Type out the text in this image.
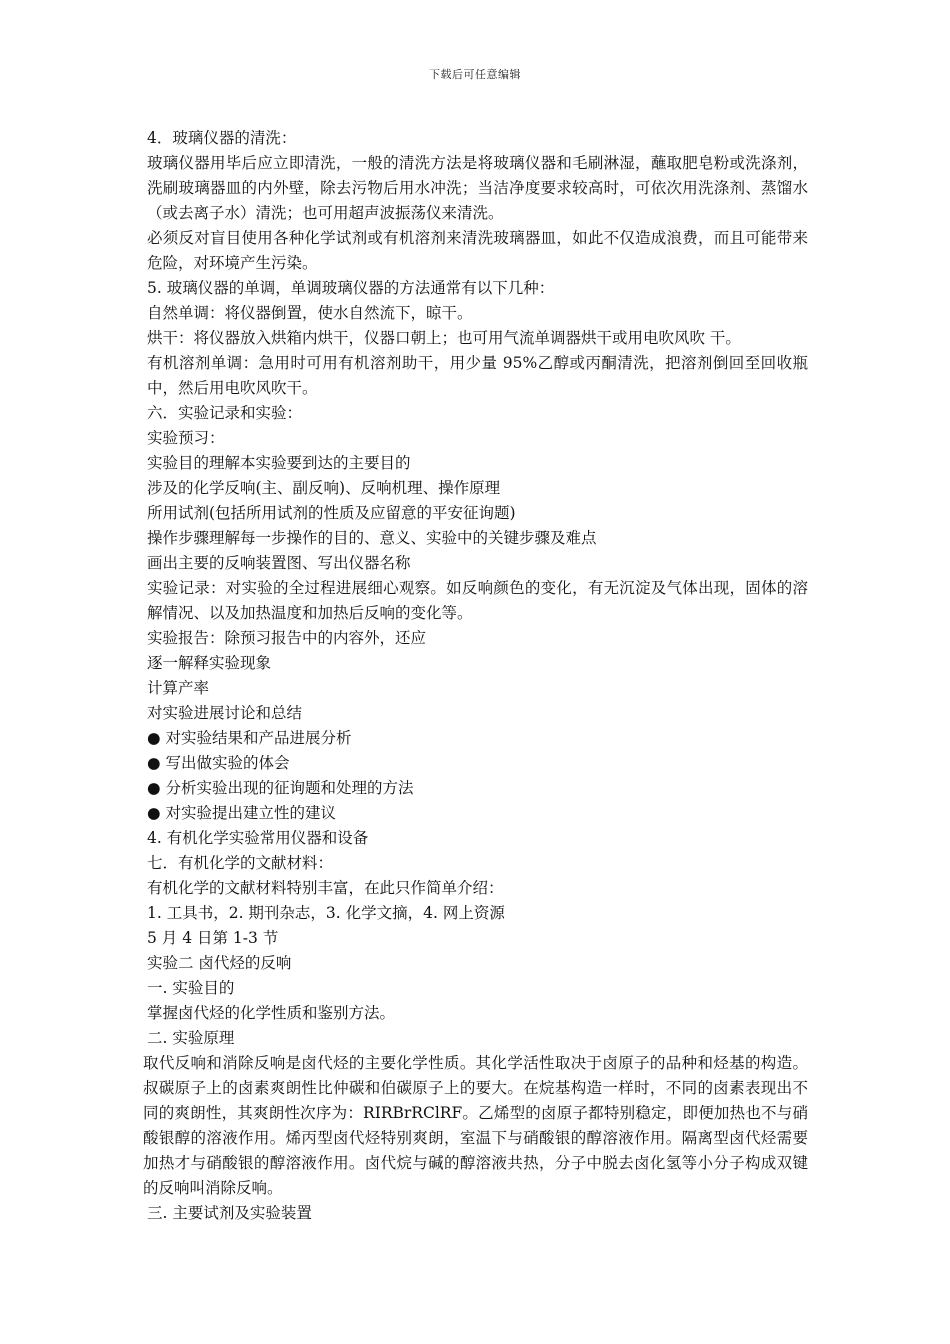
下载后可任意编辑

4．玻璃仪器的清洗：

玻璃仪器用毕后应立即清洗，一般的清洗方法是将玻璃仪器和毛刷淋湿，蘸取肥皂粉或洗涤剂，洗刷玻璃器皿的内外壁，除去污物后用水冲洗；当洁净度要求较高时，可依次用洗涤剂、蒸馏水（或去离子水）清洗；也可用超声波振荡仪来清洗。

必须反对盲目使用各种化学试剂或有机溶剂来清洗玻璃器皿，如此不仅造成浪费，而且可能带来危险，对环境产生污染。

5. 玻璃仪器的单调，单调玻璃仪器的方法通常有以下几种：

自然单调：将仪器倒置，使水自然流下，晾干。

烘干：将仪器放入烘箱内烘干，仪器口朝上；也可用气流单调器烘干或用电吹风吹 干。

有机溶剂单调：急用时可用有机溶剂助干，用少量 95%乙醇或丙酮清洗，把溶剂倒回至回收瓶中，然后用电吹风吹干。

六．实验记录和实验：

实验预习：

实验目的理解本实验要到达的主要目的

涉及的化学反响(主、副反响)、反响机理、操作原理

所用试剂(包括所用试剂的性质及应留意的平安征询题)

操作步骤理解每一步操作的目的、意义、实验中的关键步骤及难点

画出主要的反响装置图、写出仪器名称

实验记录：对实验的全过程进展细心观察。如反响颜色的变化，有无沉淀及气体出现，固体的溶解情况、以及加热温度和加热后反响的变化等。

实验报告：除预习报告中的内容外，还应

逐一解释实验现象

计算产率

对实验进展讨论和总结

● 对实验结果和产品进展分析

● 写出做实验的体会

● 分析实验出现的征询题和处理的方法

● 对实验提出建立性的建议

4. 有机化学实验常用仪器和设备

七．有机化学的文献材料：

有机化学的文献材料特别丰富，在此只作简单介绍：

1. 工具书，2. 期刊杂志，3. 化学文摘，4. 网上资源

5 月 4 日第 1-3 节

实验二 卤代烃的反响

一. 实验目的

掌握卤代烃的化学性质和鉴别方法。

二. 实验原理

取代反响和消除反响是卤代烃的主要化学性质。其化学活性取决于卤原子的品种和烃基的构造。叔碳原子上的卤素爽朗性比仲碳和伯碳原子上的要大。在烷基构造一样时，不同的卤素表现出不同的爽朗性，其爽朗性次序为：RIRBrRClRF。乙烯型的卤原子都特别稳定，即便加热也不与硝酸银醇的溶液作用。烯丙型卤代烃特别爽朗，室温下与硝酸银的醇溶液作用。隔离型卤代烃需要加热才与硝酸银的醇溶液作用。卤代烷与碱的醇溶液共热，分子中脱去卤化氢等小分子构成双键的反响叫消除反响。

三. 主要试剂及实验装置
